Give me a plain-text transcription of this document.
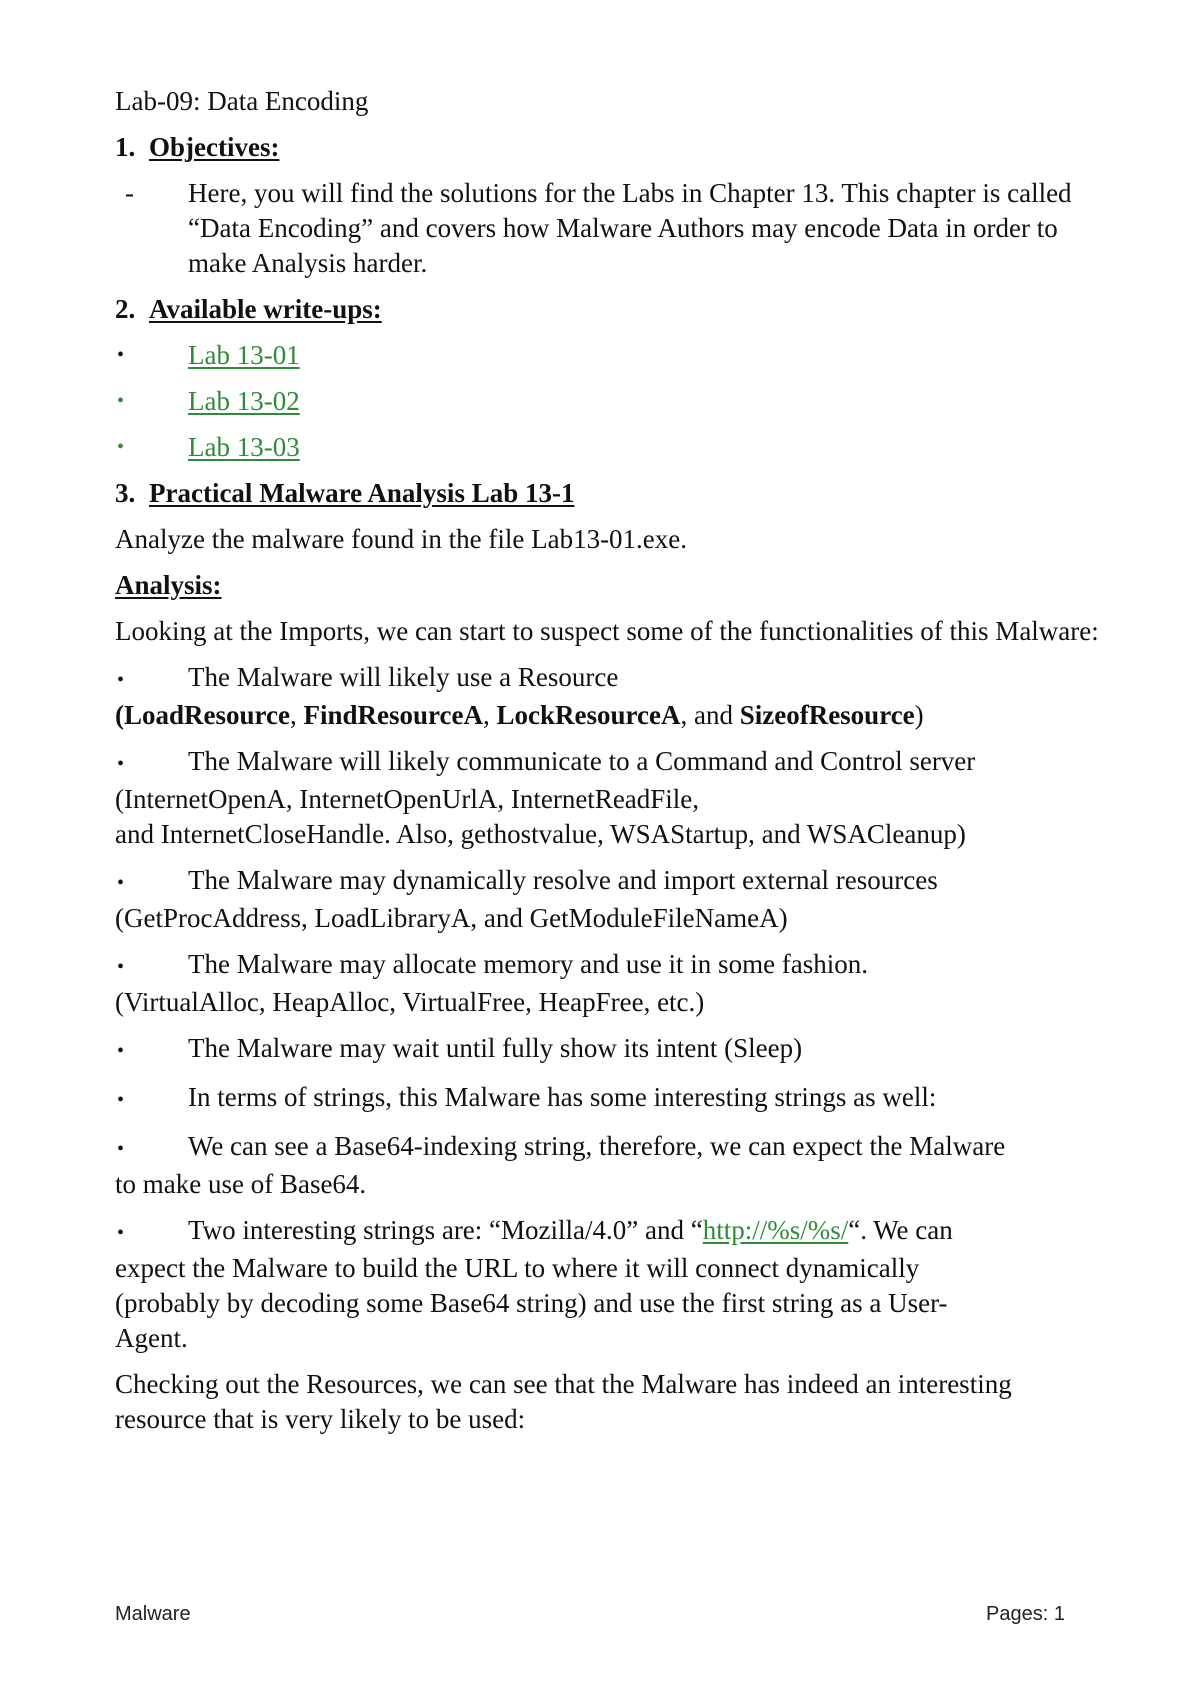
Lab-09: Data Encoding

1. Objectives:
-	Here, you will find the solutions for the Labs in Chapter 13. This chapter is called “Data Encoding” and covers how Malware Authors may encode Data in order to make Analysis harder.
2. Available write-ups:
•	Lab 13-01
•	Lab 13-02
•	Lab 13-03
3. Practical Malware Analysis Lab 13-1

Analyze the malware found in the file Lab13-01.exe.

Analysis:

Looking at the Imports, we can start to suspect some of the functionalities of this Malware:

• The Malware will likely use a Resource
(LoadResource, FindResourceA, LockResourceA, and SizeofResource)
• The Malware will likely communicate to a Command and Control server
(InternetOpenA, InternetOpenUrlA, InternetReadFile,
and InternetCloseHandle. Also, gethostvalue, WSAStartup, and WSACleanup)
• The Malware may dynamically resolve and import external resources
(GetProcAddress, LoadLibraryA, and GetModuleFileNameA)
• The Malware may allocate memory and use it in some fashion.
(VirtualAlloc, HeapAlloc, VirtualFree, HeapFree, etc.)
• The Malware may wait until fully show its intent (Sleep)
• In terms of strings, this Malware has some interesting strings as well:
• We can see a Base64-indexing string, therefore, we can expect the Malware
to make use of Base64.
• Two interesting strings are: “Mozilla/4.0” and “http://%s/%s/“. We can
expect the Malware to build the URL to where it will connect dynamically
(probably by decoding some Base64 string) and use the first string as a User-
Agent.

Checking out the Resources, we can see that the Malware has indeed an interesting resource that is very likely to be used:

Malware	Pages: 1
